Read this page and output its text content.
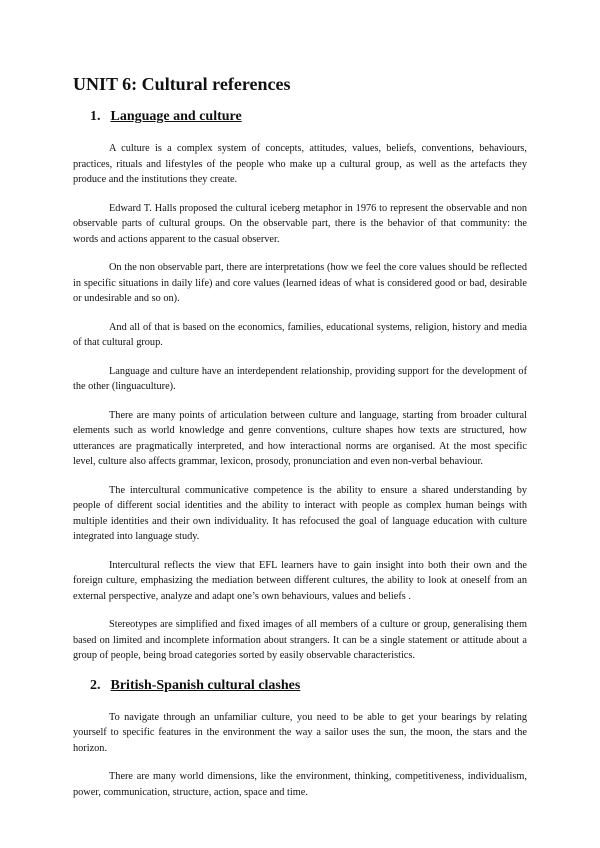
UNIT 6: Cultural references
1. Language and culture

A culture is a complex system of concepts, attitudes, values, beliefs, conventions, behaviours, practices, rituals and lifestyles of the people who make up a cultural group, as well as the artefacts they produce and the institutions they create.

Edward T. Halls proposed the cultural iceberg metaphor in 1976 to represent the observable and non observable parts of cultural groups. On the observable part, there is the behavior of that community: the words and actions apparent to the casual observer.

On the non observable part, there are interpretations (how we feel the core values should be reflected in specific situations in daily life) and core values (learned ideas of what is considered good or bad, desirable or undesirable and so on).

And all of that is based on the economics, families, educational systems, religion, history and media of that cultural group.

Language and culture have an interdependent relationship, providing support for the development of the other (linguaculture).

There are many points of articulation between culture and language, starting from broader cultural elements such as world knowledge and genre conventions, culture shapes how texts are structured, how utterances are pragmatically interpreted, and how interactional norms are organised. At the most specific level, culture also affects grammar, lexicon, prosody, pronunciation and even non-verbal behaviour.

The intercultural communicative competence is the ability to ensure a shared understanding by people of different social identities and the ability to interact with people as complex human beings with multiple identities and their own individuality. It has refocused the goal of language education with culture integrated into language study.

Intercultural reflects the view that EFL learners have to gain insight into both their own and the foreign culture, emphasizing the mediation between different cultures, the ability to look at oneself from an external perspective, analyze and adapt one’s own behaviours, values and beliefs .

Stereotypes are simplified and fixed images of all members of a culture or group, generalising them based on limited and incomplete information about strangers. It can be a single statement or attitude about a group of people, being broad categories sorted by easily observable characteristics.

2. British-Spanish cultural clashes

To navigate through an unfamiliar culture, you need to be able to get your bearings by relating yourself to specific features in the environment the way a sailor uses the sun, the moon, the stars and the horizon.

There are many world dimensions, like the environment, thinking, competitiveness, individualism, power, communication, structure, action, space and time.
